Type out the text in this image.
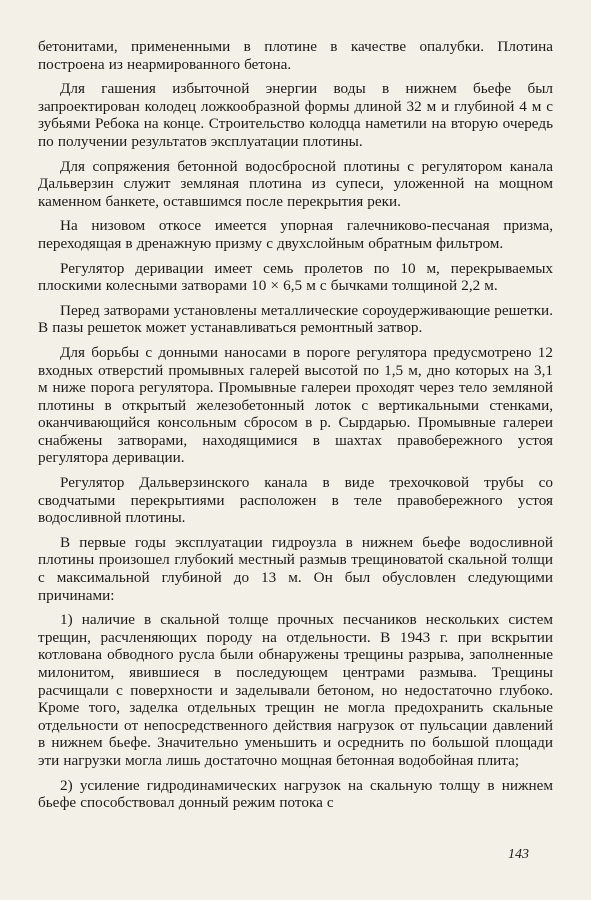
бетонитами, примененными в плотине в качестве опалубки. Плотина построена из неармированного бетона.

Для гашения избыточной энергии воды в нижнем бьефе был запроектирован колодец ложкообразной формы длиной 32 м и глубиной 4 м с зубьями Ребока на конце. Строительство колодца наметили на вторую очередь по получении результатов эксплуатации плотины.

Для сопряжения бетонной водосбросной плотины с регулятором канала Дальверзин служит земляная плотина из супеси, уложенной на мощном каменном банкете, оставшимся после перекрытия реки.

На низовом откосе имеется упорная галечниково-песчаная призма, переходящая в дренажную призму с двухслойным обратным фильтром.

Регулятор деривации имеет семь пролетов по 10 м, перекрываемых плоскими колесными затворами 10 × 6,5 м с бычками толщиной 2,2 м.

Перед затворами установлены металлические сороудерживающие решетки. В пазы решеток может устанавливаться ремонтный затвор.

Для борьбы с донными наносами в пороге регулятора предусмотрено 12 входных отверстий промывных галерей высотой по 1,5 м, дно которых на 3,1 м ниже порога регулятора. Промывные галереи проходят через тело земляной плотины в открытый железобетонный лоток с вертикальными стенками, оканчивающийся консольным сбросом в р. Сырдарью. Промывные галереи снабжены затворами, находящимися в шахтах правобережного устоя регулятора деривации.

Регулятор Дальверзинского канала в виде трехочковой трубы со сводчатыми перекрытиями расположен в теле правобережного устоя водосливной плотины.

В первые годы эксплуатации гидроузла в нижнем бьефе водосливной плотины произошел глубокий местный размыв трещиноватой скальной толщи с максимальной глубиной до 13 м. Он был обусловлен следующими причинами:

1) наличие в скальной толще прочных песчаников нескольких систем трещин, расчленяющих породу на отдельности. В 1943 г. при вскрытии котлована обводного русла были обнаружены трещины разрыва, заполненные милонитом, явившиеся в последующем центрами размыва. Трещины расчищали с поверхности и заделывали бетоном, но недостаточно глубоко. Кроме того, заделка отдельных трещин не могла предохранить скальные отдельности от непосредственного действия нагрузок от пульсации давлений в нижнем бьефе. Значительно уменьшить и осреднить по большой площади эти нагрузки могла лишь достаточно мощная бетонная водобойная плита;

2) усиление гидродинамических нагрузок на скальную толщу в нижнем бьефе способствовал донный режим потока с

143
